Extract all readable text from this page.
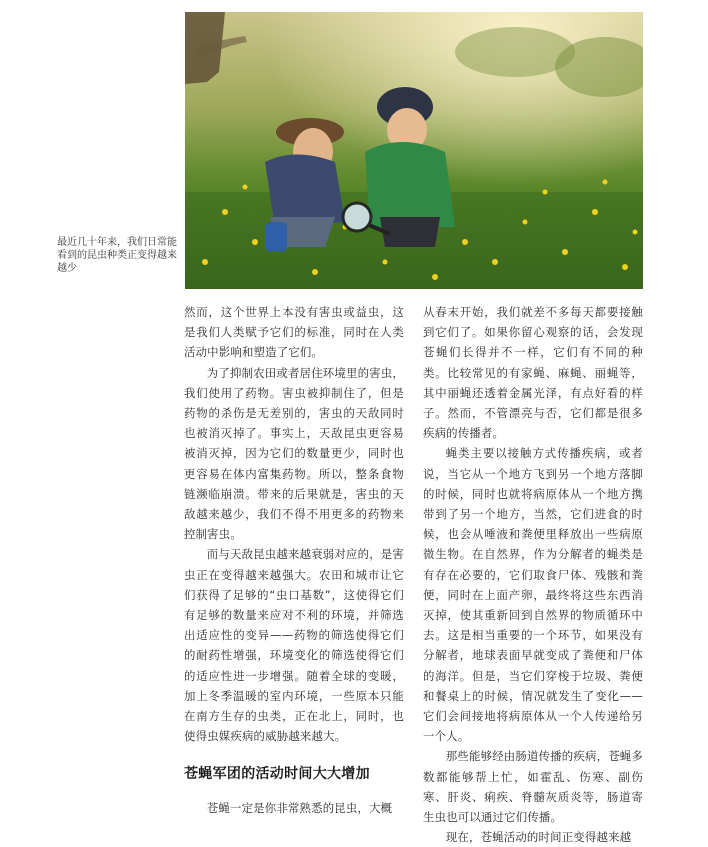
最近几十年来，我们日常能看到的昆虫种类正变得越来越少

然而，这个世界上本没有害虫或益虫，这是我们人类赋予它们的标准，同时在人类活动中影响和塑造了它们。

为了抑制农田或者居住环境里的害虫，我们使用了药物。害虫被抑制住了，但是药物的杀伤是无差别的，害虫的天敌同时也被消灭掉了。事实上，天敌昆虫更容易被消灭掉，因为它们的数量更少，同时也更容易在体内富集药物。所以，整条食物链濒临崩溃。带来的后果就是，害虫的天敌越来越少，我们不得不用更多的药物来控制害虫。

而与天敌昆虫越来越衰弱对应的，是害虫正在变得越来越强大。农田和城市让它们获得了足够的“虫口基数”，这使得它们有足够的数量来应对不利的环境，并筛选出适应性的变异——药物的筛选使得它们的耐药性增强，环境变化的筛选使得它们的适应性进一步增强。随着全球的变暖，加上冬季温暖的室内环境，一些原本只能在南方生存的虫类，正在北上，同时，也使得虫媒疾病的威胁越来越大。

苍蝇军团的活动时间大大增加

苍蝇一定是你非常熟悉的昆虫，大概

从春末开始，我们就差不多每天都要接触到它们了。如果你留心观察的话，会发现苍蝇们长得并不一样，它们有不同的种类。比较常见的有家蝇、麻蝇、丽蝇等，其中丽蝇还透着金属光泽，有点好看的样子。然而，不管漂亮与否，它们都是很多疾病的传播者。

蝇类主要以接触方式传播疾病，或者说，当它从一个地方飞到另一个地方落脚的时候，同时也就将病原体从一个地方携带到了另一个地方，当然，它们进食的时候，也会从唾液和粪便里释放出一些病原微生物。在自然界，作为分解者的蝇类是有存在必要的，它们取食尸体、残骸和粪便，同时在上面产卵，最终将这些东西消灭掉，使其重新回到自然界的物质循环中去。这是相当重要的一个环节，如果没有分解者，地球表面早就变成了粪便和尸体的海洋。但是，当它们穿梭于垃圾、粪便和餐桌上的时候，情况就发生了变化——它们会间接地将病原体从一个人传递给另一个人。

那些能够经由肠道传播的疾病，苍蝇多数都能够帮上忙，如霍乱、伤寒、副伤寒、肝炎、痢疾、脊髓灰质炎等，肠道寄生虫也可以通过它们传播。

现在，苍蝇活动的时间正变得越来越
